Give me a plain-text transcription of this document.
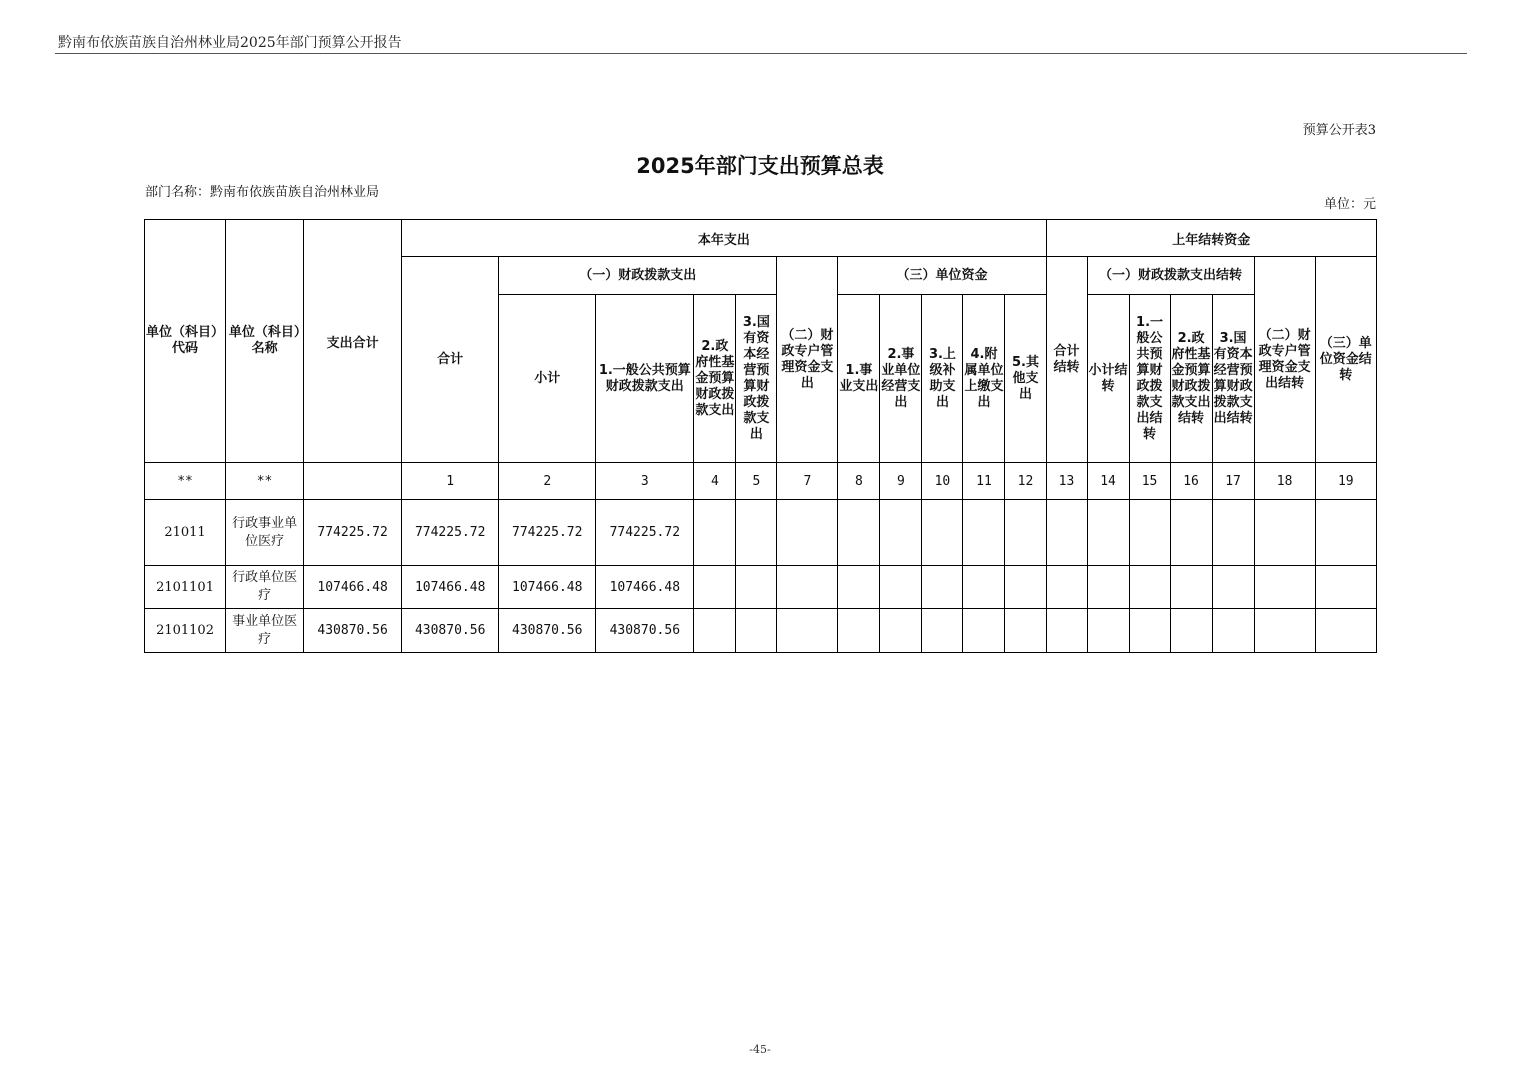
黔南布依族苗族自治州林业局2025年部门预算公开报告
预算公开表3
2025年部门支出预算总表
部门名称：黔南布依族苗族自治州林业局
单位：元
单位（科目）代码	单位（科目）名称	支出合计	本年支出											上年结转资金						
			合计	（一）财政拨款支出				（二）财政专户管理资金支出	（三）单位资金					合计结转	（一）财政拨款支出结转				（二）财政专户管理资金支出结转	（三）单位资金结转
				小计	1.一般公共预算财政拨款支出	2.政府性基金预算财政拨款支出	3.国有资本经营预算财政拨款支出		1.事业支出	2.事业单位经营支出	3.上级补助支出	4.附属单位上缴支出	5.其他支出		小计结转	1.一般公共预算财政拨款支出结转	2.政府性基金预算财政拨款支出结转	3.国有资本经营预算财政拨款支出结转		
**	**		1	2	3	4	5	7	8	9	10	11	12	13	14	15	16	17	18	19
21011	行政事业单位医疗	774225.72	774225.72	774225.72	774225.72															
2101101	行政单位医疗	107466.48	107466.48	107466.48	107466.48															
2101102	事业单位医疗	430870.56	430870.56	430870.56	430870.56															
-45-
